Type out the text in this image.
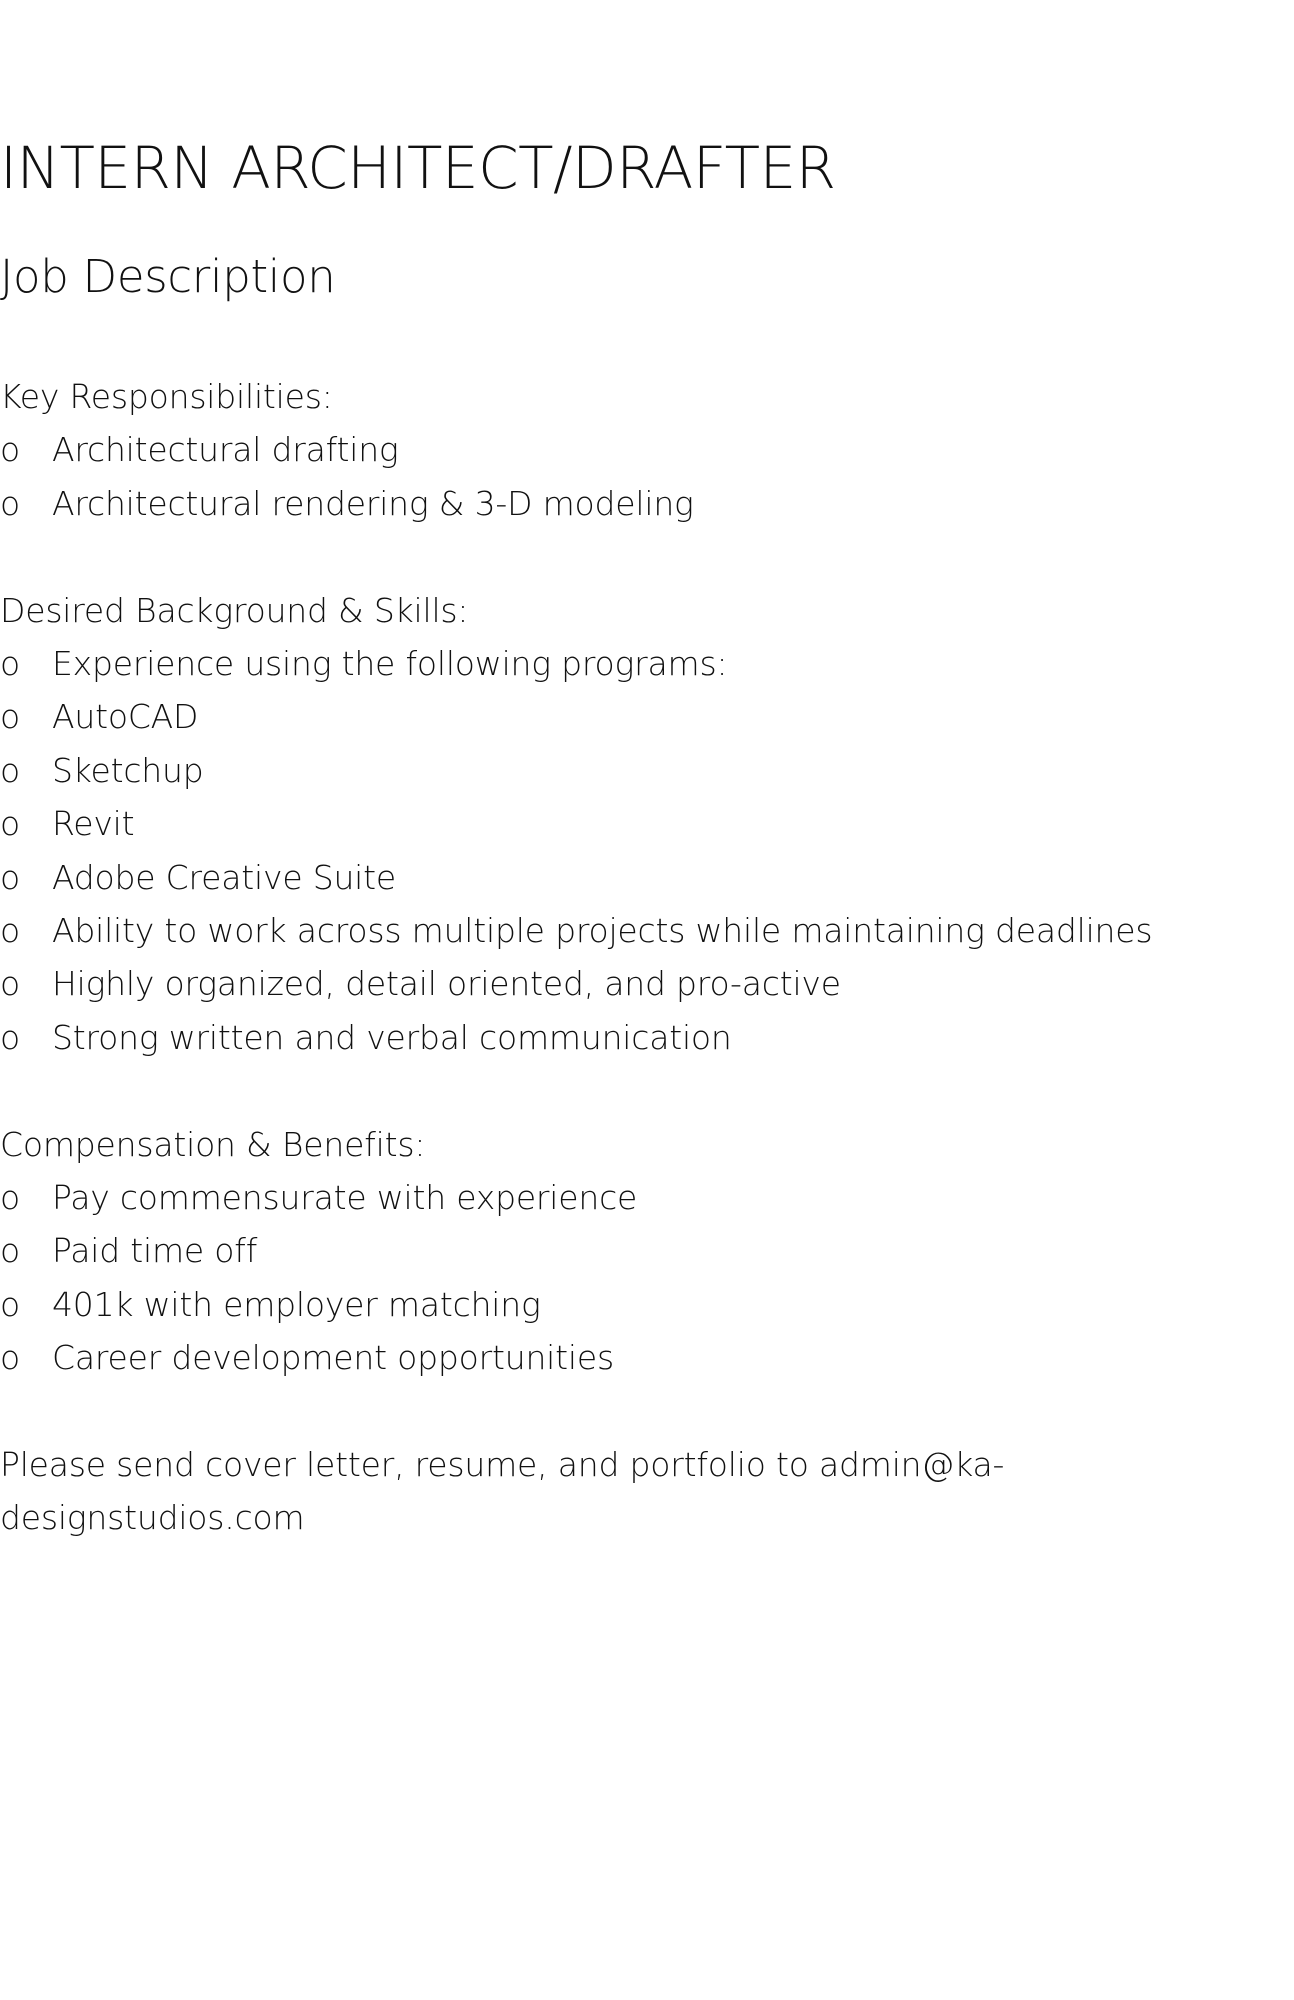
INTERN ARCHITECT/DRAFTER
Job Description

Key Responsibilities:

o Architectural drafting
o Architectural rendering & 3-D modeling

Desired Background & Skills:

o Experience using the following programs:
o AutoCAD
o Sketchup
o Revit
o Adobe Creative Suite
o Ability to work across multiple projects while maintaining deadlines
o Highly organized, detail oriented, and pro-active
o Strong written and verbal communication

Compensation & Benefits:

o Pay commensurate with experience
o Paid time off
o 401k with employer matching
o Career development opportunities

Please send cover letter, resume, and portfolio to admin@ka-designstudios.com
